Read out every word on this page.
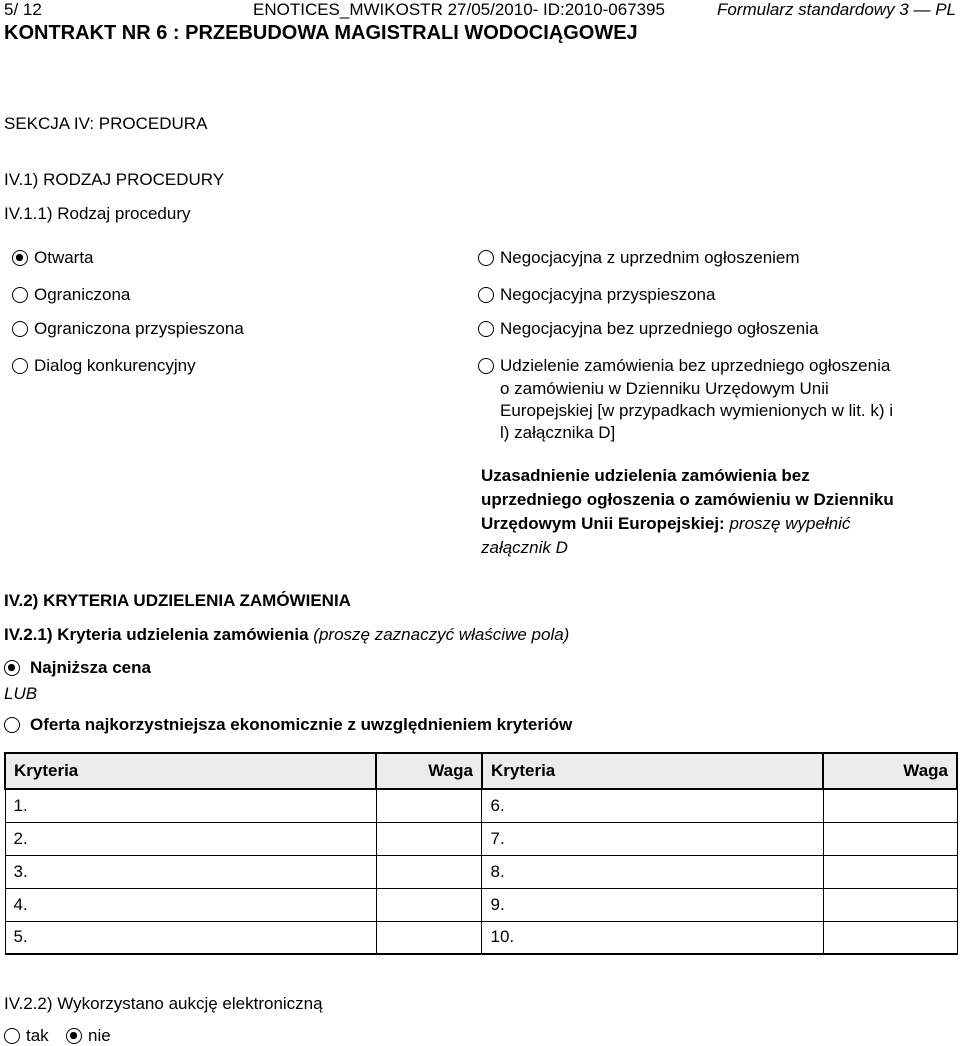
5/ 12	ENOTICES_MWIKOSTR 27/05/2010- ID:2010-067395	Formularz standardowy 3 — PL
KONTRAKT NR 6 : PRZEBUDOWA MAGISTRALI WODOCIĄGOWEJ
SEKCJA IV: PROCEDURA
IV.1) RODZAJ PROCEDURY
IV.1.1) Rodzaj procedury
Otwarta
Ograniczona
Ograniczona przyspieszona
Dialog konkurencyjny
Negocjacyjna z uprzednim ogłoszeniem
Negocjacyjna przyspieszona
Negocjacyjna bez uprzedniego ogłoszenia
Udzielenie zamówienia bez uprzedniego ogłoszenia
o zamówieniu w Dzienniku Urzędowym Unii
Europejskiej [w przypadkach wymienionych w lit. k) i
l) załącznika D]
Uzasadnienie udzielenia zamówienia bez
uprzedniego ogłoszenia o zamówieniu w Dzienniku
Urzędowym Unii Europejskiej: proszę wypełnić
załącznik D
IV.2) KRYTERIA UDZIELENIA ZAMÓWIENIA
IV.2.1) Kryteria udzielenia zamówienia (proszę zaznaczyć właściwe pola)
Najniższa cena
LUB
Oferta najkorzystniejsza ekonomicznie z uwzględnieniem kryteriów
Kryteria	Waga	Kryteria	Waga
1.		6.	
2.		7.	
3.		8.	
4.		9.	
5.		10.	
IV.2.2) Wykorzystano aukcję elektroniczną
tak nie
